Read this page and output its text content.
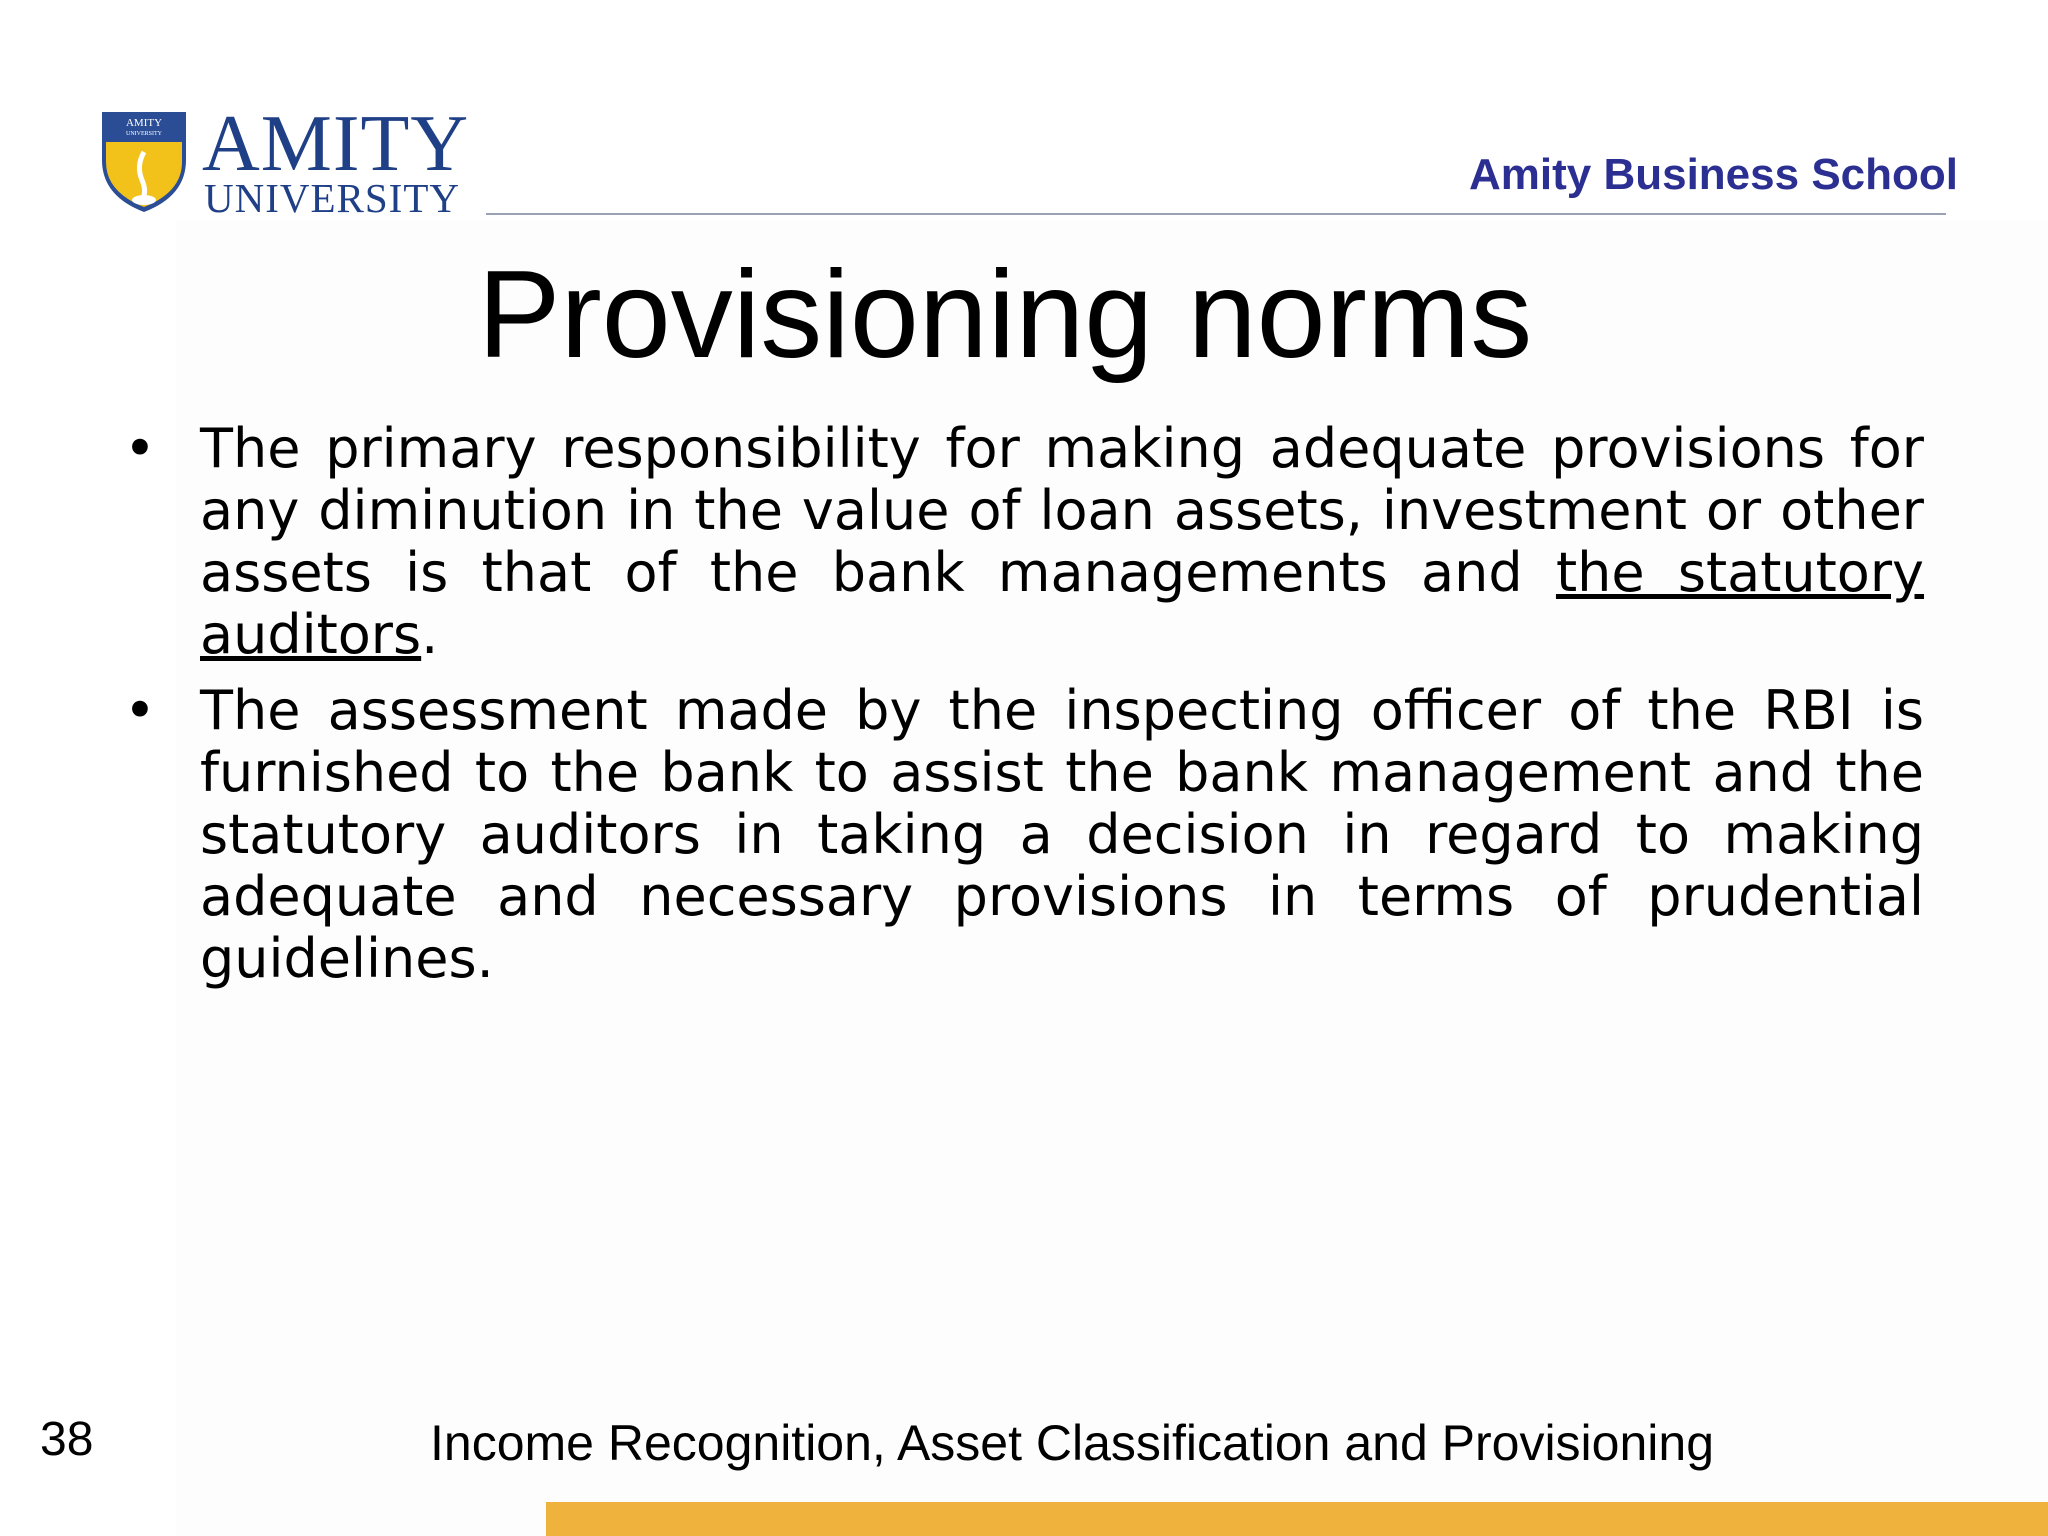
AMITY
UNIVERSITY AMITY
UNIVERSITY	Amity Business School
Provisioning norms
• The primary responsibility for making adequate provisions for any diminution in the value of loan assets, investment or other assets is that of the bank managements and the statutory auditors.
• The assessment made by the inspecting officer of the RBI is furnished to the bank to assist the bank management and the statutory auditors in taking a decision in regard to making adequate and necessary provisions in terms of prudential guidelines.
38	Income Recognition, Asset Classification and Provisioning
